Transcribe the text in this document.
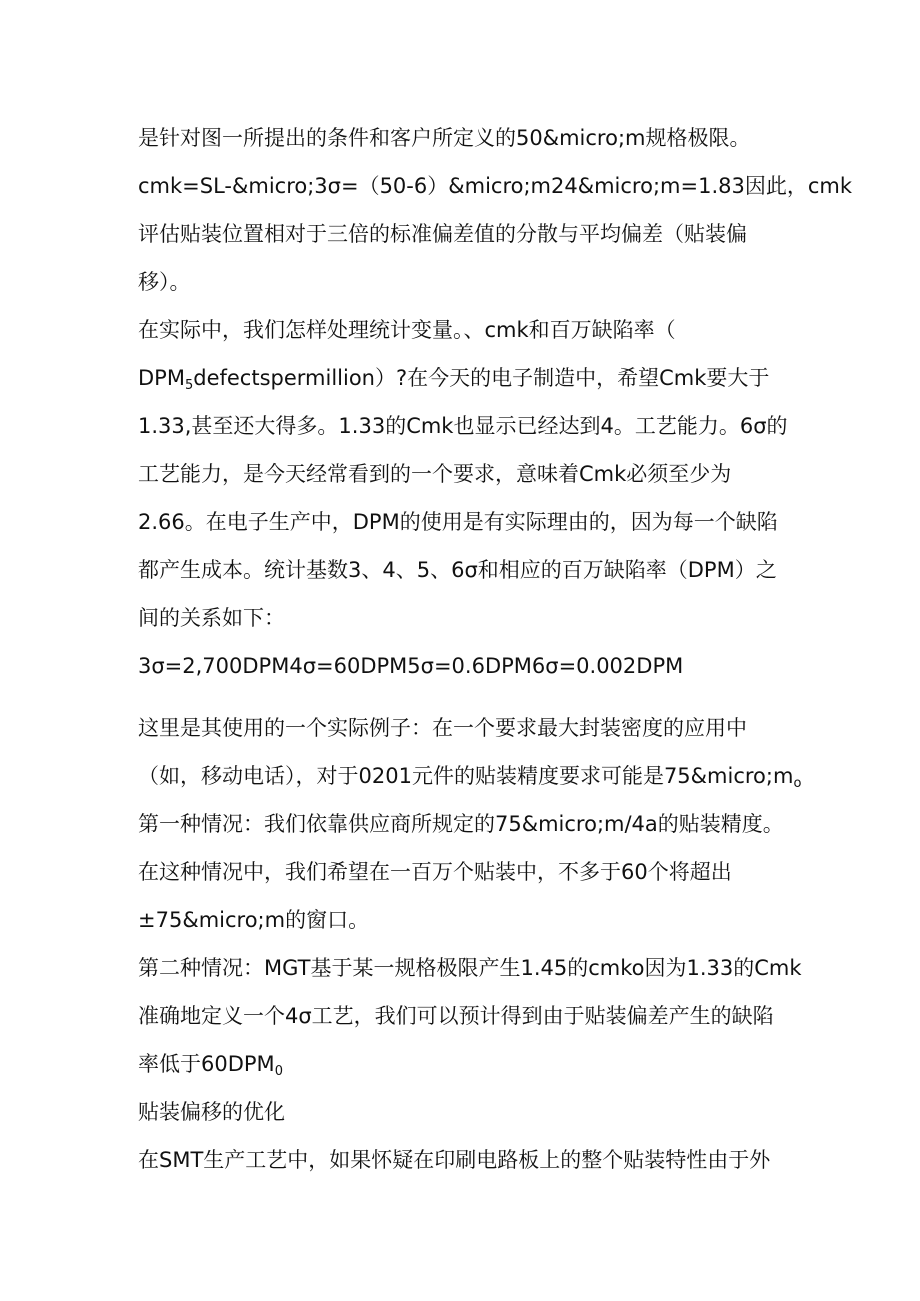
是针对图一所提出的条件和客户所定义的50&micro;m规格极限。
cmk=SL-&micro;3σ=（50-6）&micro;m24&micro;m=1.83因此，cmk
评估贴装位置相对于三倍的标准偏差值的分散与平均偏差（贴装偏
移）。
在实际中，我们怎样处理统计变量。、cmk和百万缺陷率（
$DPM_5defectspermillion$）?在今天的电子制造中，希望Cmk要大于
1.33,甚至还大得多。1.33的Cmk也显示已经达到4。工艺能力。6σ的
工艺能力，是今天经常看到的一个要求，意味着Cmk必须至少为
2.66。在电子生产中，DPM的使用是有实际理由的，因为每一个缺陷
都产生成本。统计基数3、4、5、6σ和相应的百万缺陷率（DPM）之
间的关系如下：
3σ=2,700DPM4σ=60DPM5σ=0.6DPM6σ=0.002DPM
这里是其使用的一个实际例子：在一个要求最大封装密度的应用中
（如，移动电话），对于0201元件的贴装精度要求可能是$75\&micro;m_o$
第一种情况：我们依靠供应商所规定的75&micro;m/4a的贴装精度。
在这种情况中，我们希望在一百万个贴装中，不多于60个将超出
±75&micro;m的窗口。
第二种情况：MGT基于某一规格极限产生1.45的cmko因为1.33的Cmk
准确地定义一个4σ工艺，我们可以预计得到由于贴装偏差产生的缺陷
率低于$60DPM_0$
贴装偏移的优化
在SMT生产工艺中，如果怀疑在印刷电路板上的整个贴装特性由于外
